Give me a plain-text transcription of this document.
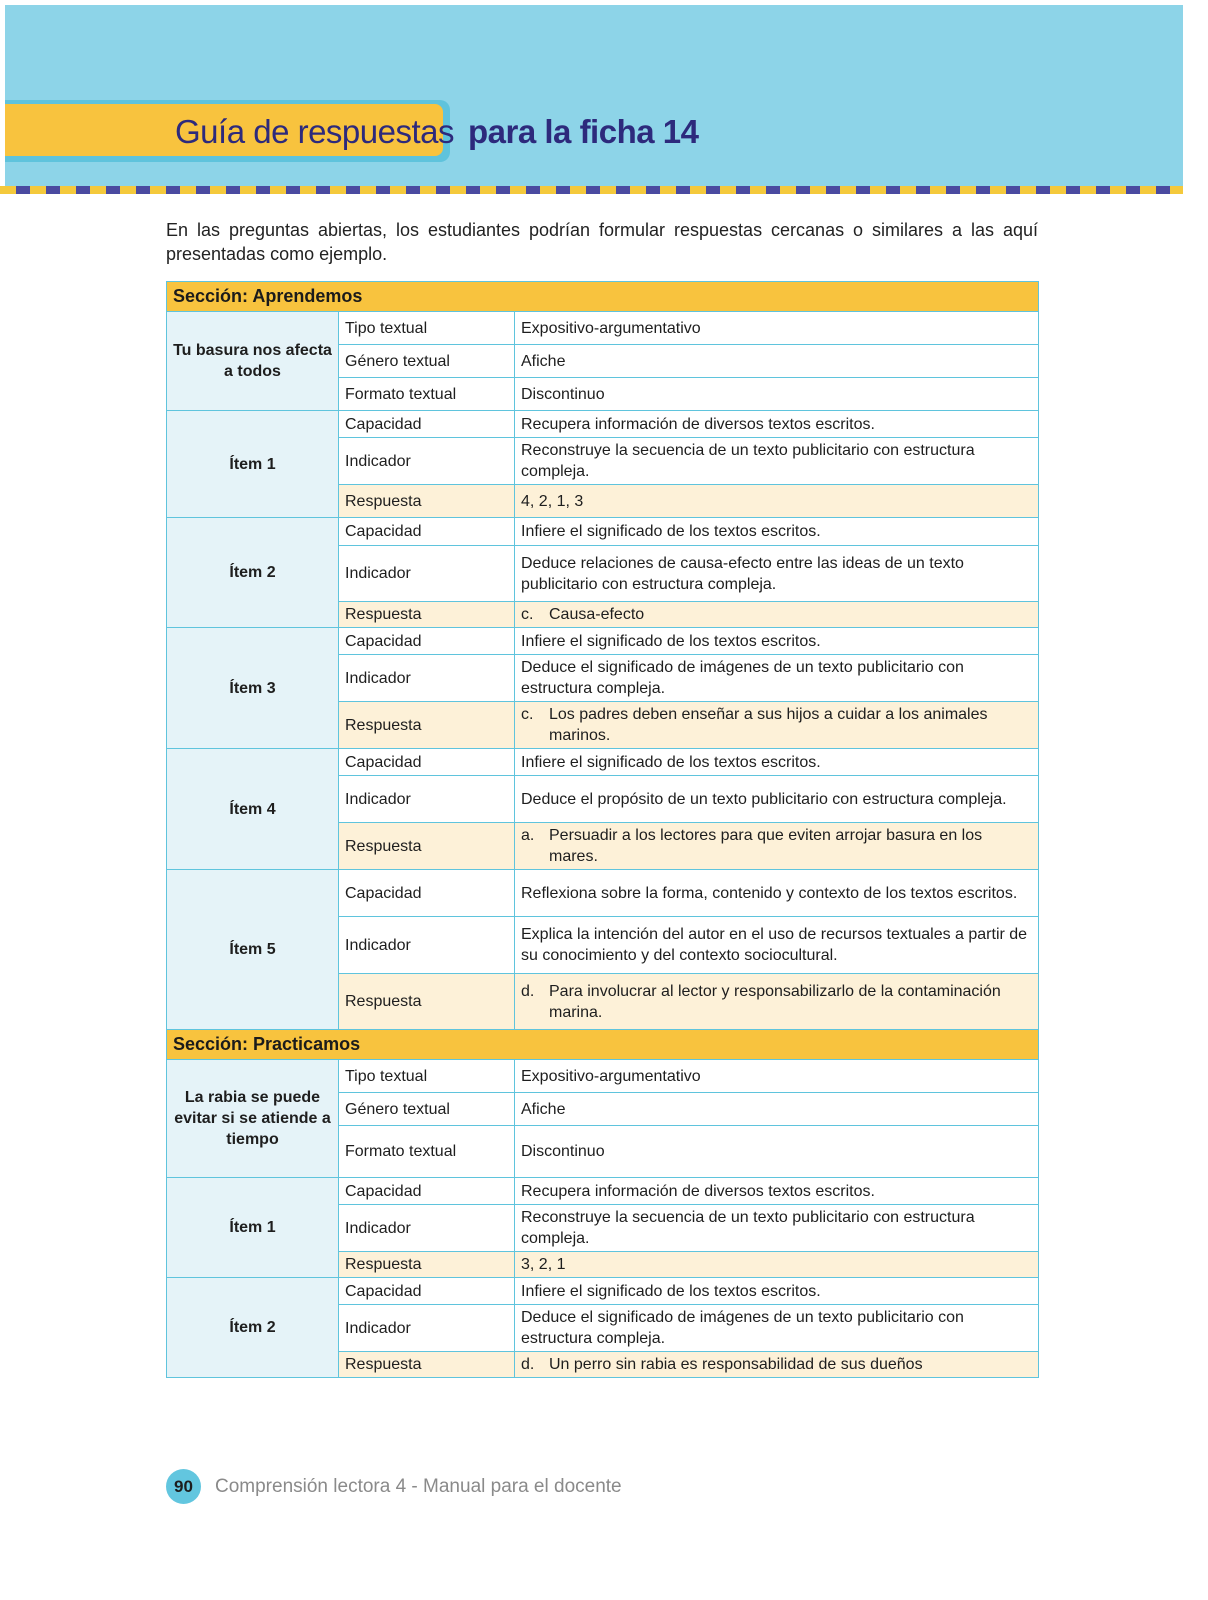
Guía de respuestas para la ficha 14

En las preguntas abiertas, los estudiantes podrían formular respuestas cercanas o similares a las aquí presentadas como ejemplo.

Sección: Aprendemos		
Tu basura nos afecta a todos	Tipo textual	Expositivo-argumentativo
	Género textual	Afiche
	Formato textual	Discontinuo
Ítem 1	Capacidad	Recupera información de diversos textos escritos.
	Indicador	Reconstruye la secuencia de un texto publicitario con estructura compleja.
	Respuesta	4, 2, 1, 3
Ítem 2	Capacidad	Infiere el significado de los textos escritos.
	Indicador	Deduce relaciones de causa-efecto entre las ideas de un texto publicitario con estructura compleja.
	Respuesta	c. Causa-efecto

Ítem 3	Capacidad	Infiere el significado de los textos escritos.
	Indicador	Deduce el significado de imágenes de un texto publicitario con estructura compleja.
	Respuesta	c. Los padres deben enseñar a sus hijos a cuidar a los animales marinos.

Ítem 4	Capacidad	Infiere el significado de los textos escritos.
	Indicador	Deduce el propósito de un texto publicitario con estructura compleja.
	Respuesta	a. Persuadir a los lectores para que eviten arrojar basura en los mares.

Ítem 5	Capacidad	Reflexiona sobre la forma, contenido y contexto de los textos escritos.
	Indicador	Explica la intención del autor en el uso de recursos textuales a partir de su conocimiento y del contexto sociocultural.
	Respuesta	d. Para involucrar al lector y responsabilizarlo de la contaminación marina.

Sección: Practicamos		
La rabia se puede evitar si se atiende a tiempo	Tipo textual	Expositivo-argumentativo
	Género textual	Afiche
	Formato textual	Discontinuo
Ítem 1	Capacidad	Recupera información de diversos textos escritos.
	Indicador	Reconstruye la secuencia de un texto publicitario con estructura compleja.
	Respuesta	3, 2, 1
Ítem 2	Capacidad	Infiere el significado de los textos escritos.
	Indicador	Deduce el significado de imágenes de un texto publicitario con estructura compleja.
	Respuesta	d. Un perro sin rabia es responsabilidad de sus dueños
90	Comprensión lectora 4 - Manual para el docente
